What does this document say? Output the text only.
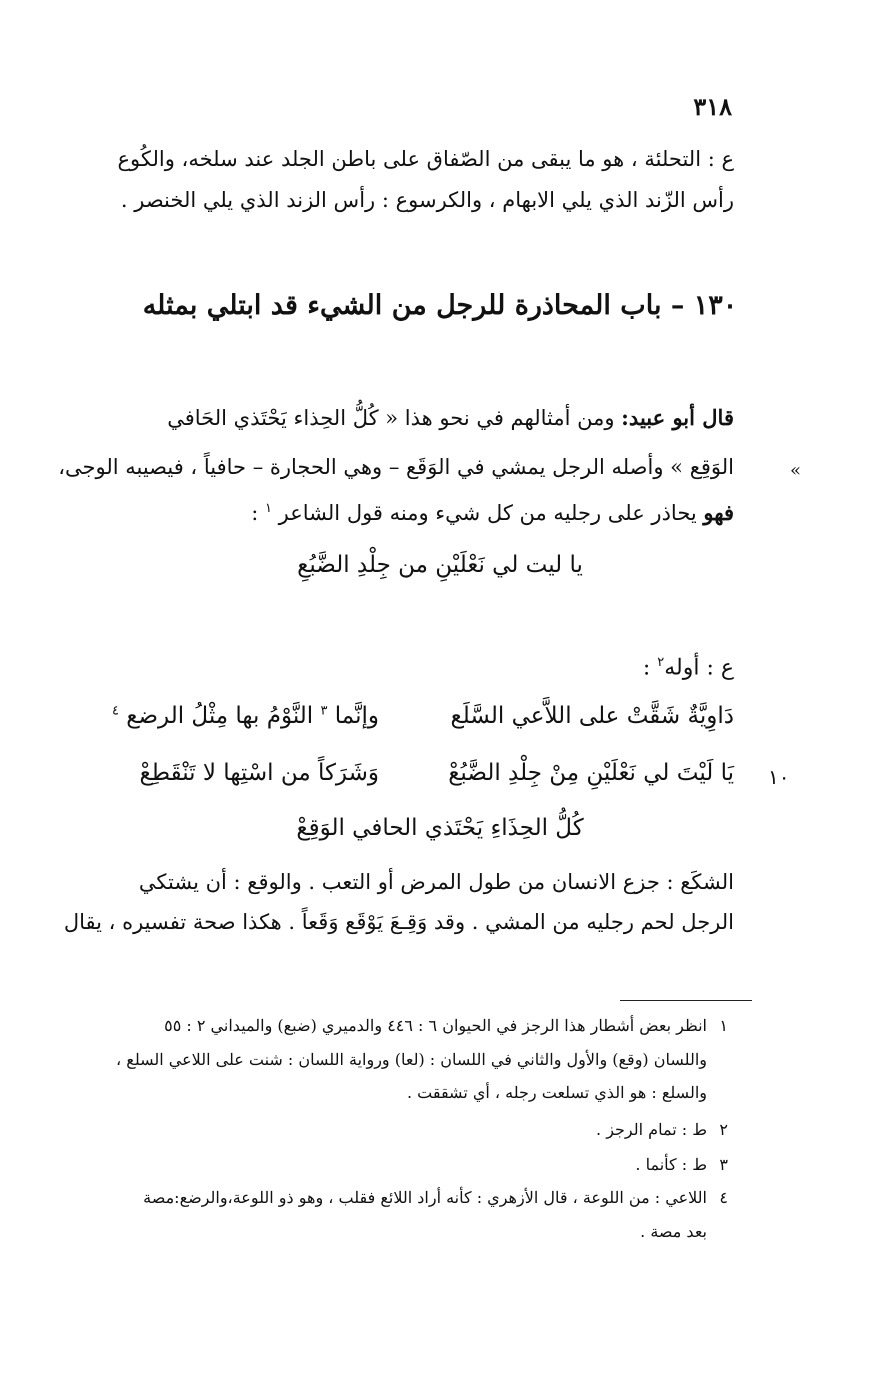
٣١٨
ع : التحلئة ، هو ما يبقى من الصّفاق على باطن الجلد عند سلخه، والكُوع
رأس الزّند الذي يلي الابهام ، والكرسوع : رأس الزند الذي يلي الخنصر .
١٣٠ – باب المحاذرة للرجل من الشيء قد ابتلي بمثله
قال أبو عبيد: ومن أمثالهم في نحو هذا « كُلُّ الحِذاء يَحْتَذي الحَافي
الوَقِع » وأصله الرجل يمشي في الوَقَع – وهي الحجارة – حافياً ، فيصيبه الوجى،
فهو يحاذر على رجليه من كل شيء ومنه قول الشاعر $^١$ :
«
يا ليت لي نَعْلَيْنِ من جِلْدِ الضَّبُعِ
ع : أوله$^٢$ :
دَاوِيَّةٌ شَقَّتْ على اللاَّعي السَّلَع
وإنَّما $^٣$ النَّوْمُ بها مِثْلُ الرضع $^٤$
يَا لَيْتَ لي نَعْلَيْنِ مِنْ جِلْدِ الضَّبُعْ
وَشَرَكاً من اسْتِها لا تَنْقَطِعْ	١٠
كُلُّ الحِذَاءِ يَحْتَذي الحافي الوَقِعْ
الشكَع : جزع الانسان من طول المرض أو التعب . والوقع : أن يشتكي
الرجل لحم رجليه من المشي . وقد وَقِـعَ يَوْقَع وَقَعاً . هكذا صحة تفسيره ، يقال
١
انظر بعض أشطار هذا الرجز في الحيوان ٦ : ٤٤٦ والدميري (ضبع) والميداني ٢ : ٥٥
واللسان (وقع) والأول والثاني في اللسان : (لعا) ورواية اللسان : شنت على اللاعي السلع ،
والسلع : هو الذي تسلعت رجله ، أي تشققت .
٢
ط : تمام الرجز .
٣
ط : كأنما .
٤
اللاعي : من اللوعة ، قال الأزهري : كأنه أراد اللائع فقلب ، وهو ذو اللوعة،والرضع:مصة
بعد مصة .
